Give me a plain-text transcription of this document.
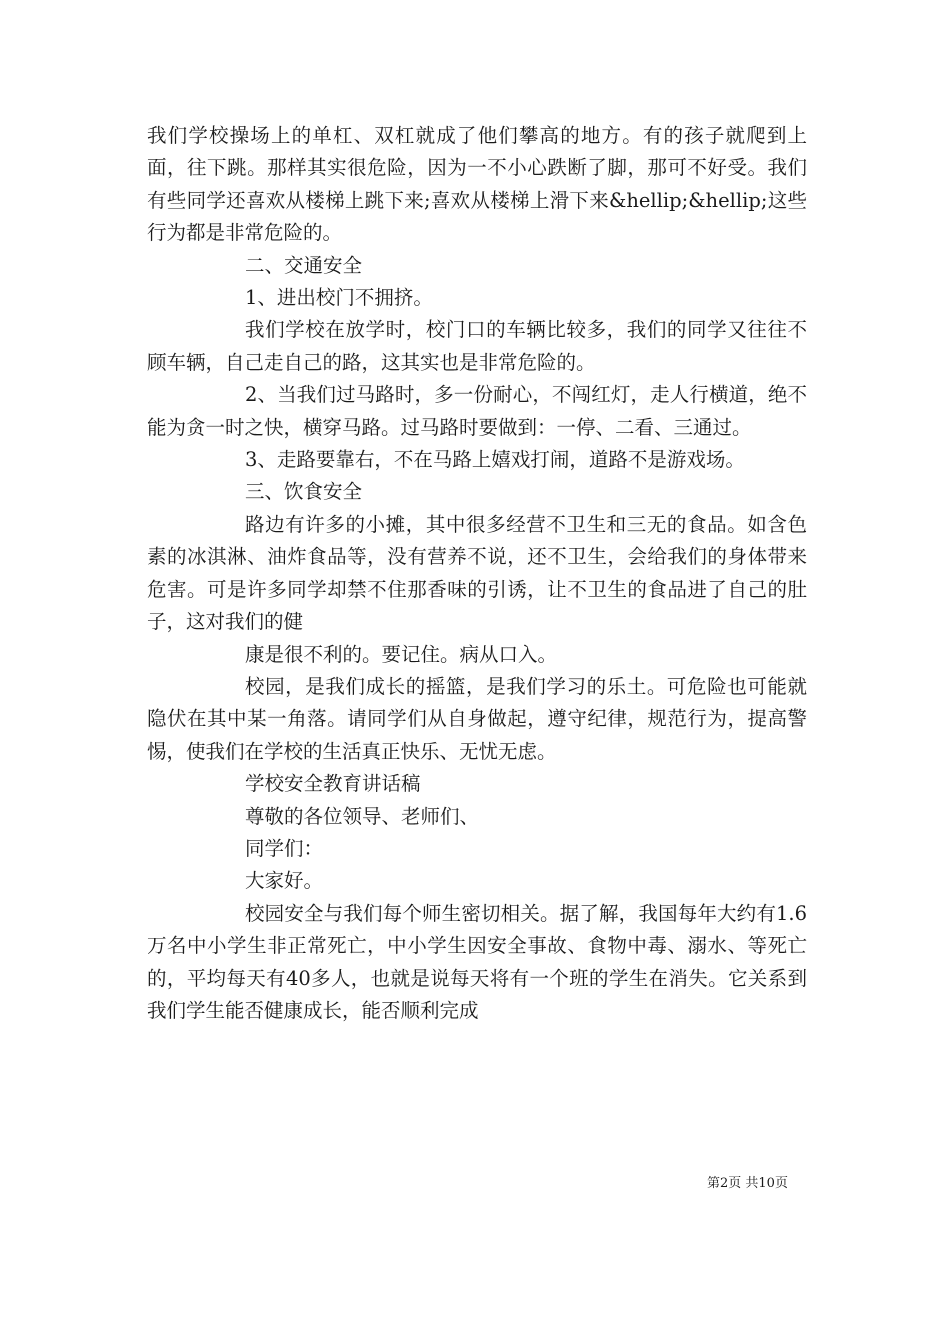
我们学校操场上的单杠、双杠就成了他们攀高的地方。有的孩子就爬到上面，往下跳。那样其实很危险，因为一不小心跌断了脚，那可不好受。我们有些同学还喜欢从楼梯上跳下来;喜欢从楼梯上滑下来&hellip;&hellip;这些行为都是非常危险的。

二、交通安全

1、进出校门不拥挤。

我们学校在放学时，校门口的车辆比较多，我们的同学又往往不顾车辆，自己走自己的路，这其实也是非常危险的。

2、当我们过马路时，多一份耐心，不闯红灯，走人行横道，绝不能为贪一时之快，横穿马路。过马路时要做到：一停、二看、三通过。

3、走路要靠右，不在马路上嬉戏打闹，道路不是游戏场。

三、饮食安全

路边有许多的小摊，其中很多经营不卫生和三无的食品。如含色素的冰淇淋、油炸食品等，没有营养不说，还不卫生，会给我们的身体带来危害。可是许多同学却禁不住那香味的引诱，让不卫生的食品进了自己的肚子，这对我们的健

康是很不利的。要记住。病从口入。

校园，是我们成长的摇篮，是我们学习的乐土。可危险也可能就隐伏在其中某一角落。请同学们从自身做起，遵守纪律，规范行为，提高警惕，使我们在学校的生活真正快乐、无忧无虑。

学校安全教育讲话稿

尊敬的各位领导、老师们、

同学们：

大家好。

校园安全与我们每个师生密切相关。据了解，我国每年大约有1.6万名中小学生非正常死亡，中小学生因安全事故、食物中毒、溺水、等死亡的，平均每天有40多人，也就是说每天将有一个班的学生在消失。它关系到我们学生能否健康成长，能否顺利完成

第2页 共10页
